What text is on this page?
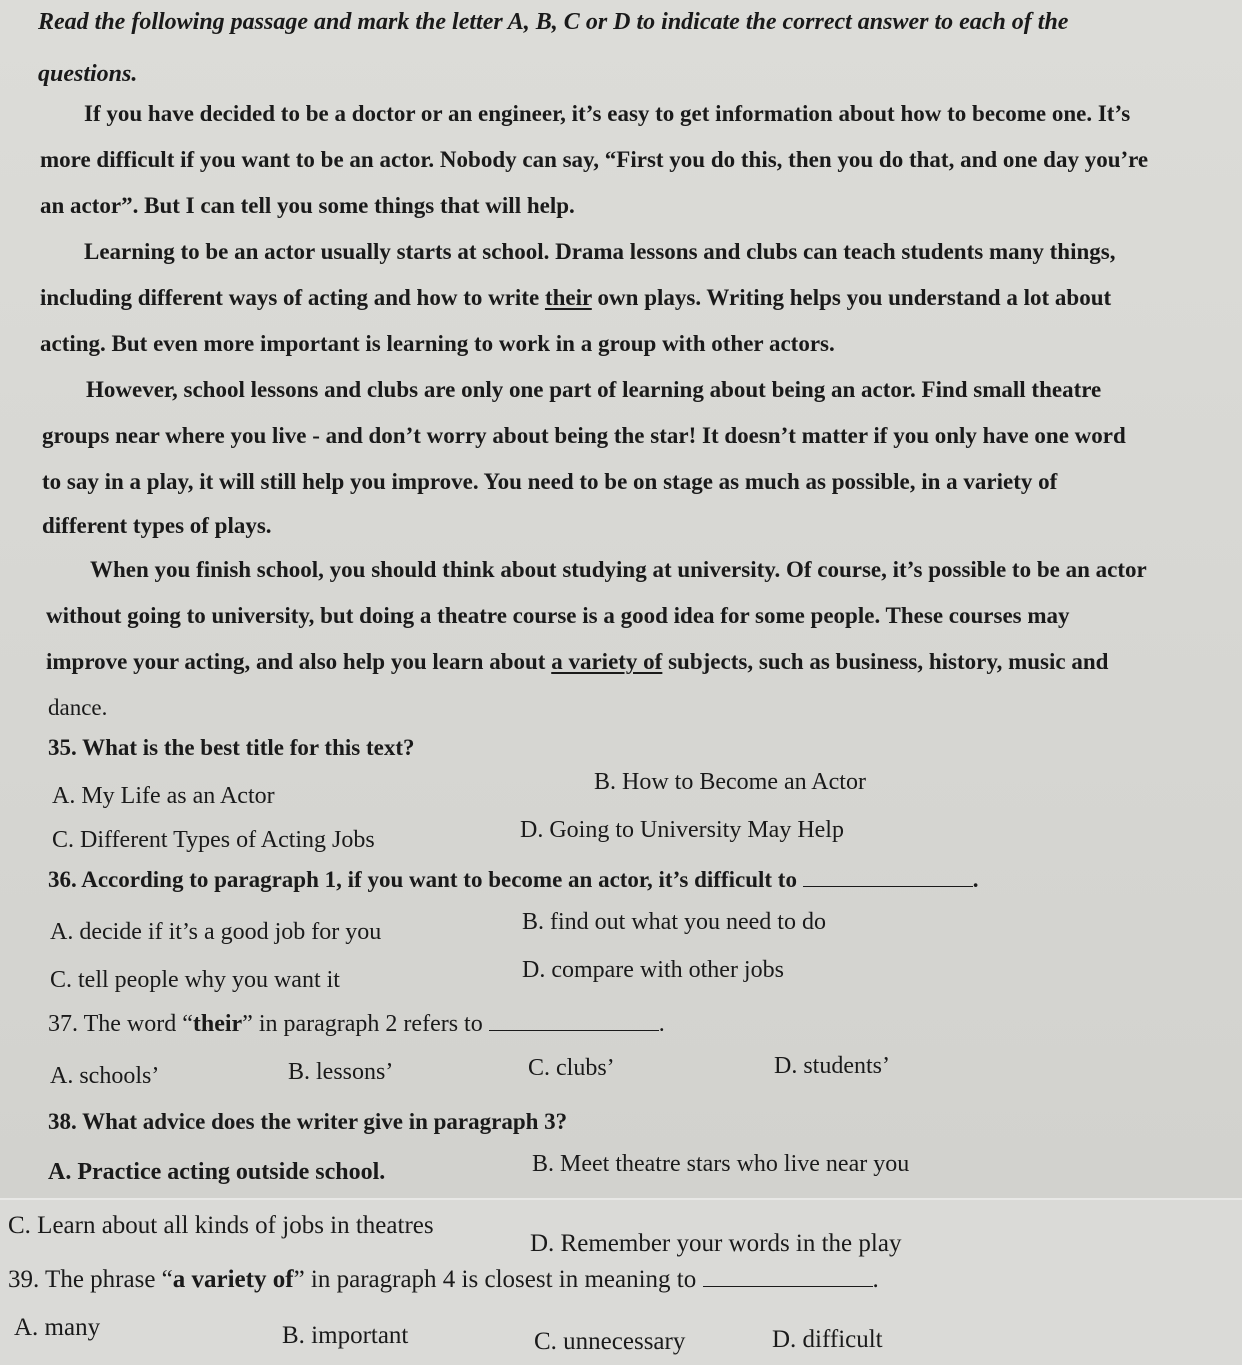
Read the following passage and mark the letter A, B, C or D to indicate the correct answer to each of the
questions.
If you have decided to be a doctor or an engineer, it’s easy to get information about how to become one. It’s
more difficult if you want to be an actor. Nobody can say, “First you do this, then you do that, and one day you’re
an actor”. But I can tell you some things that will help.
Learning to be an actor usually starts at school. Drama lessons and clubs can teach students many things,
including different ways of acting and how to write their own plays. Writing helps you understand a lot about
acting. But even more important is learning to work in a group with other actors.
However, school lessons and clubs are only one part of learning about being an actor. Find small theatre
groups near where you live - and don’t worry about being the star! It doesn’t matter if you only have one word
to say in a play, it will still help you improve. You need to be on stage as much as possible, in a variety of
different types of plays.
When you finish school, you should think about studying at university. Of course, it’s possible to be an actor
without going to university, but doing a theatre course is a good idea for some people. These courses may
improve your acting, and also help you learn about a variety of subjects, such as business, history, music and
dance.
35. What is the best title for this text?
A. My Life as an Actor
B. How to Become an Actor
C. Different Types of Acting Jobs	D. Going to University May Help
36. According to paragraph 1, if you want to become an actor, it’s difficult to	.
A. decide if it’s a good job for you	B. find out what you need to do
C. tell people why you want it	D. compare with other jobs
37. The word “their” in paragraph 2 refers to	.
A. schools’	B. lessons’	C. clubs’	D. students’
38. What advice does the writer give in paragraph 3?
A. Practice acting outside school.	B. Meet theatre stars who live near you
C. Learn about all kinds of jobs in theatres
D. Remember your words in the play
39. The phrase “a variety of” in paragraph 4 is closest in meaning to	.
A. many	B. important	C. unnecessary	D. difficult
